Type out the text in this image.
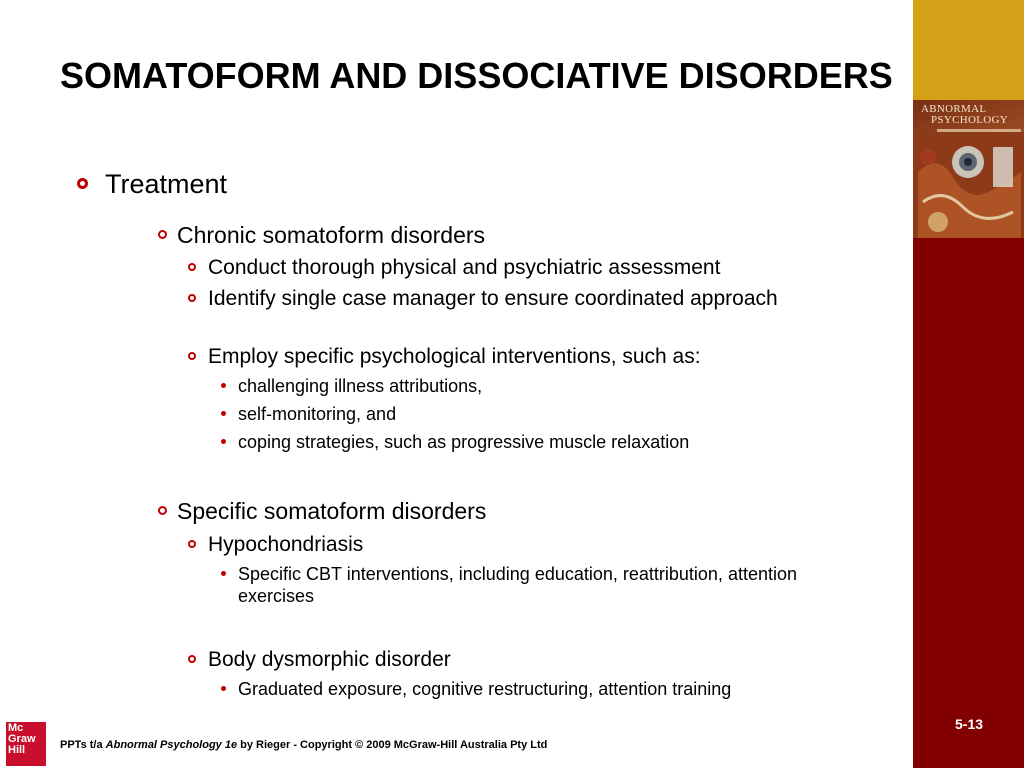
ABNORMAL
PSYCHOLOGY
SOMATOFORM AND DISSOCIATIVE DISORDERS
Treatment
Chronic somatoform disorders
Conduct thorough physical and psychiatric assessment
Identify single case manager to ensure coordinated approach
Employ specific psychological interventions, such as:
challenging illness attributions,
self-monitoring, and
coping strategies, such as progressive muscle relaxation
Specific somatoform disorders
Hypochondriasis
Specific CBT interventions, including education, reattribution, attention exercises
Body dysmorphic disorder
Graduated exposure, cognitive restructuring, attention training
5-13
Mc
Graw
Hill	PPTs t/a Abnormal Psychology 1e by Rieger - Copyright © 2009 McGraw-Hill Australia Pty Ltd
